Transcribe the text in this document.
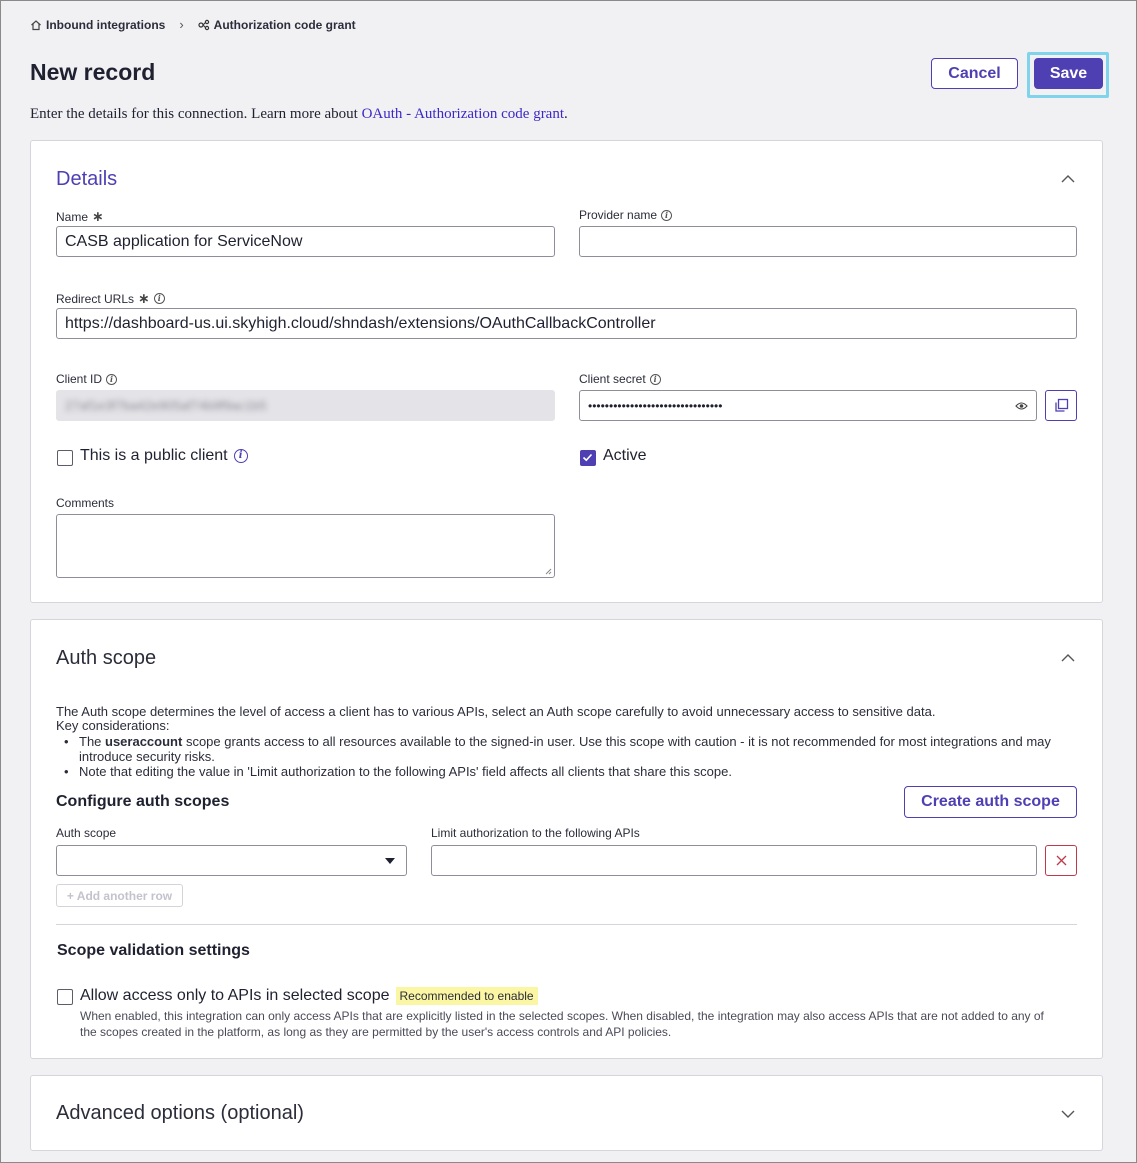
Inbound integrations ›	Authorization code grant
New record	Cancel	Save
Enter the details for this connection. Learn more about OAuth - Authorization code grant.
Details
Name ∗
CASB application for ServiceNow
Provider name i
Redirect URLs ∗ i
https://dashboard-us.ui.skyhigh.cloud/shndash/extensions/OAuthCallbackController
Client ID i
27af1e3f7ba42e905af74b9f9ac1b5
Client secret i
••••••••••••••••••••••••••••••••
This is a public client	i	Active
Comments
Auth scope
The Auth scope determines the level of access a client has to various APIs, select an Auth scope carefully to avoid unnecessary access to sensitive data.
Key considerations:
• The useraccount scope grants access to all resources available to the signed-in user. Use this scope with caution - it is not recommended for most integrations and may introduce security risks.
• Note that editing the value in 'Limit authorization to the following APIs' field affects all clients that share this scope.
Configure auth scopes	Create auth scope
Auth scope	Limit authorization to the following APIs
+ Add another row
Scope validation settings
Allow access only to APIs in selected scope Recommended to enable
When enabled, this integration can only access APIs that are explicitly listed in the selected scopes. When disabled, the integration may also access APIs that are not added to any of the scopes created in the platform, as long as they are permitted by the user's access controls and API policies.
Advanced options (optional)
